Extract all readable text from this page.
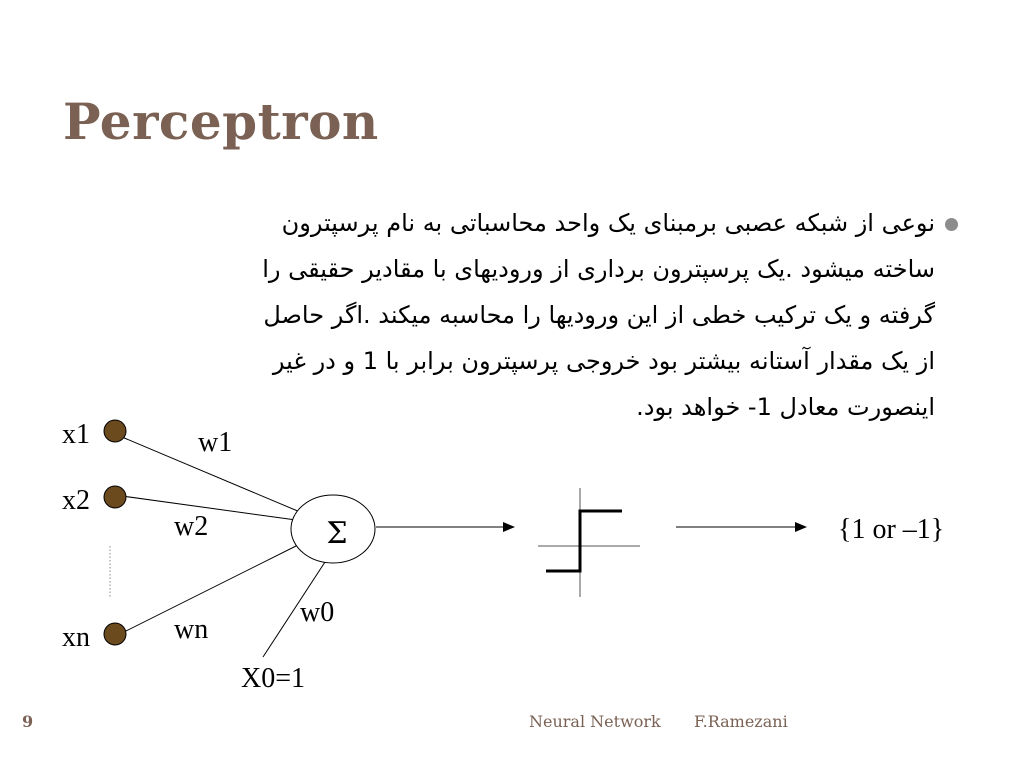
Perceptron
نوعی از شبکه عصبی برمبنای یک واحد محاسباتی به نام پرسپترون
ساخته میشود .یک پرسپترون برداری از ورودیهای با مقادیر حقیقی را
گرفته و یک ترکیب خطی از این ورودیها را محاسبه میکند .اگر حاصل
از یک مقدار آستانه بیشتر بود خروجی پرسپترون برابر با 1 و در غیر
اینصورت معادل 1- خواهد بود.
Σ
x1
x2
xn
w1
w2
wn
w0
X0=1
{1 or –1}
9	Neural Network F.Ramezani
